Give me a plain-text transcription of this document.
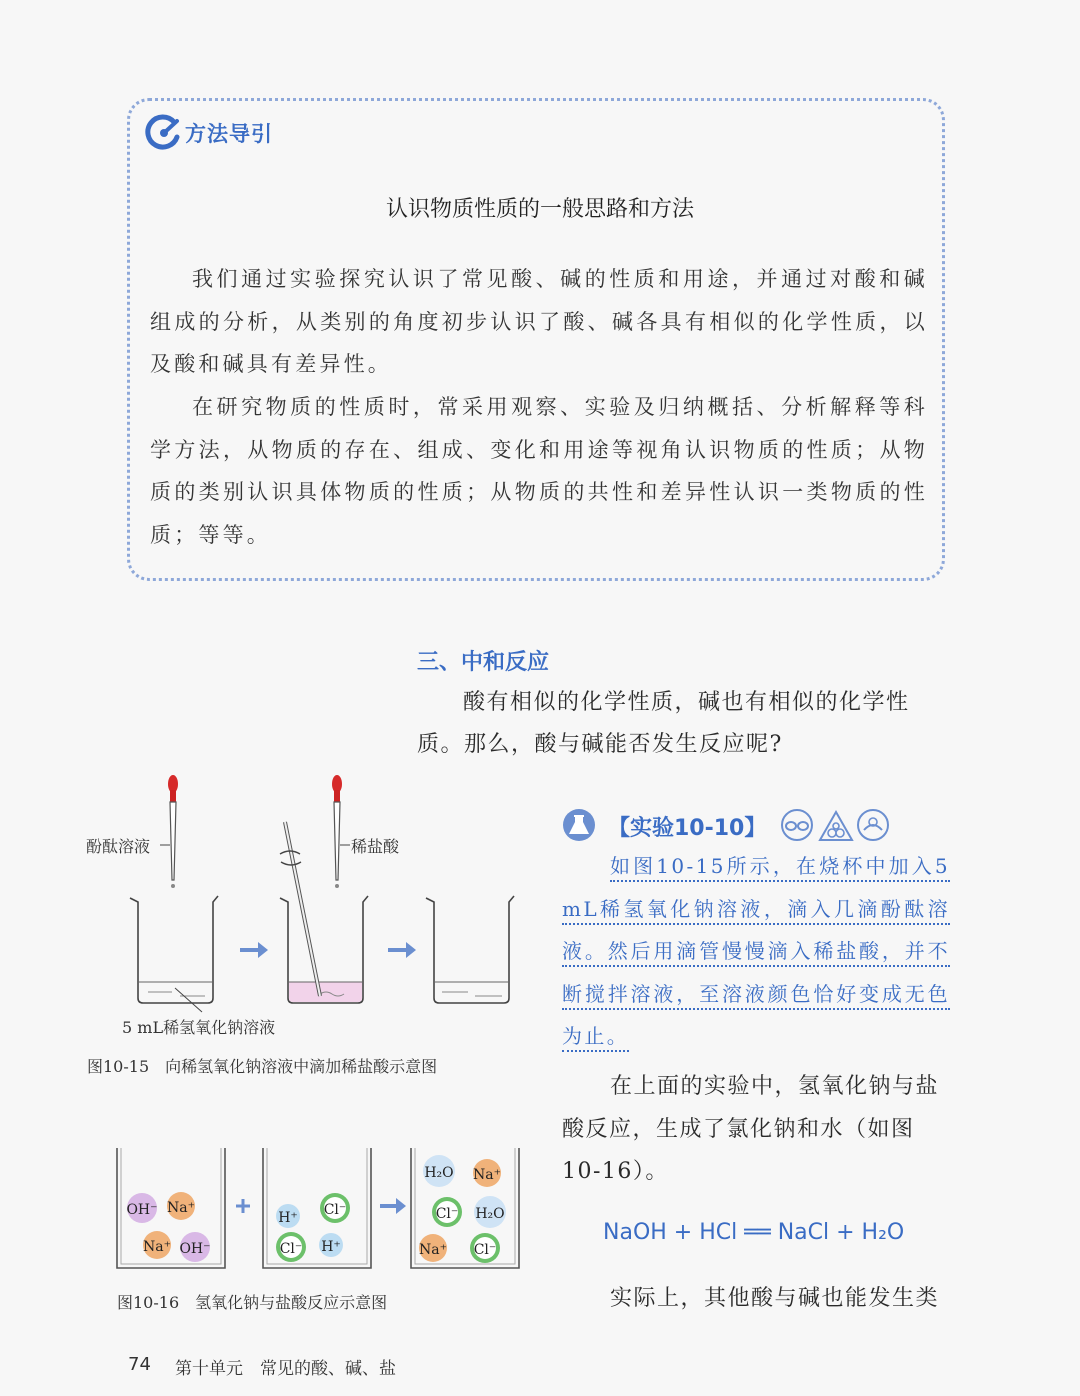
方法导引
认识物质性质的一般思路和方法
我们通过实验探究认识了常见酸、碱的性质和用途，并通过对酸和碱组成的分析，从类别的角度初步认识了酸、碱各具有相似的化学性质，以及酸和碱具有差异性。
在研究物质的性质时，常采用观察、实验及归纳概括、分析解释等科学方法，从物质的存在、组成、变化和用途等视角认识物质的性质；从物质的类别认识具体物质的性质；从物质的共性和差异性认识一类物质的性质；等等。
三、中和反应
酸有相似的化学性质，碱也有相似的化学性质。那么，酸与碱能否发生反应呢?
酚酞溶液	稀盐酸
5 mL稀氢氧化钠溶液
图10-15　向稀氢氧化钠溶液中滴加稀盐酸示意图
【实验10-10】
如图10-15所示，在烧杯中加入5 mL稀氢氧化钠溶液，滴入几滴酚酞溶液。然后用滴管慢慢滴入稀盐酸，并不断搅拌溶液，至溶液颜色恰好变成无色为止。
在上面的实验中，氢氧化钠与盐酸反应，生成了氯化钠和水（如图10-16）。
NaOH + HCl ══ NaCl + H₂O
实际上，其他酸与碱也能发生类
OH⁻ Na⁺
Na⁺ OH⁻
H⁺ Cl⁻
Cl⁻ H⁺
H₂O Na⁺
Cl⁻ H₂O
Na⁺ Cl⁻
图10-16　氢氧化钠与盐酸反应示意图
74 第十单元　常见的酸、碱、盐
